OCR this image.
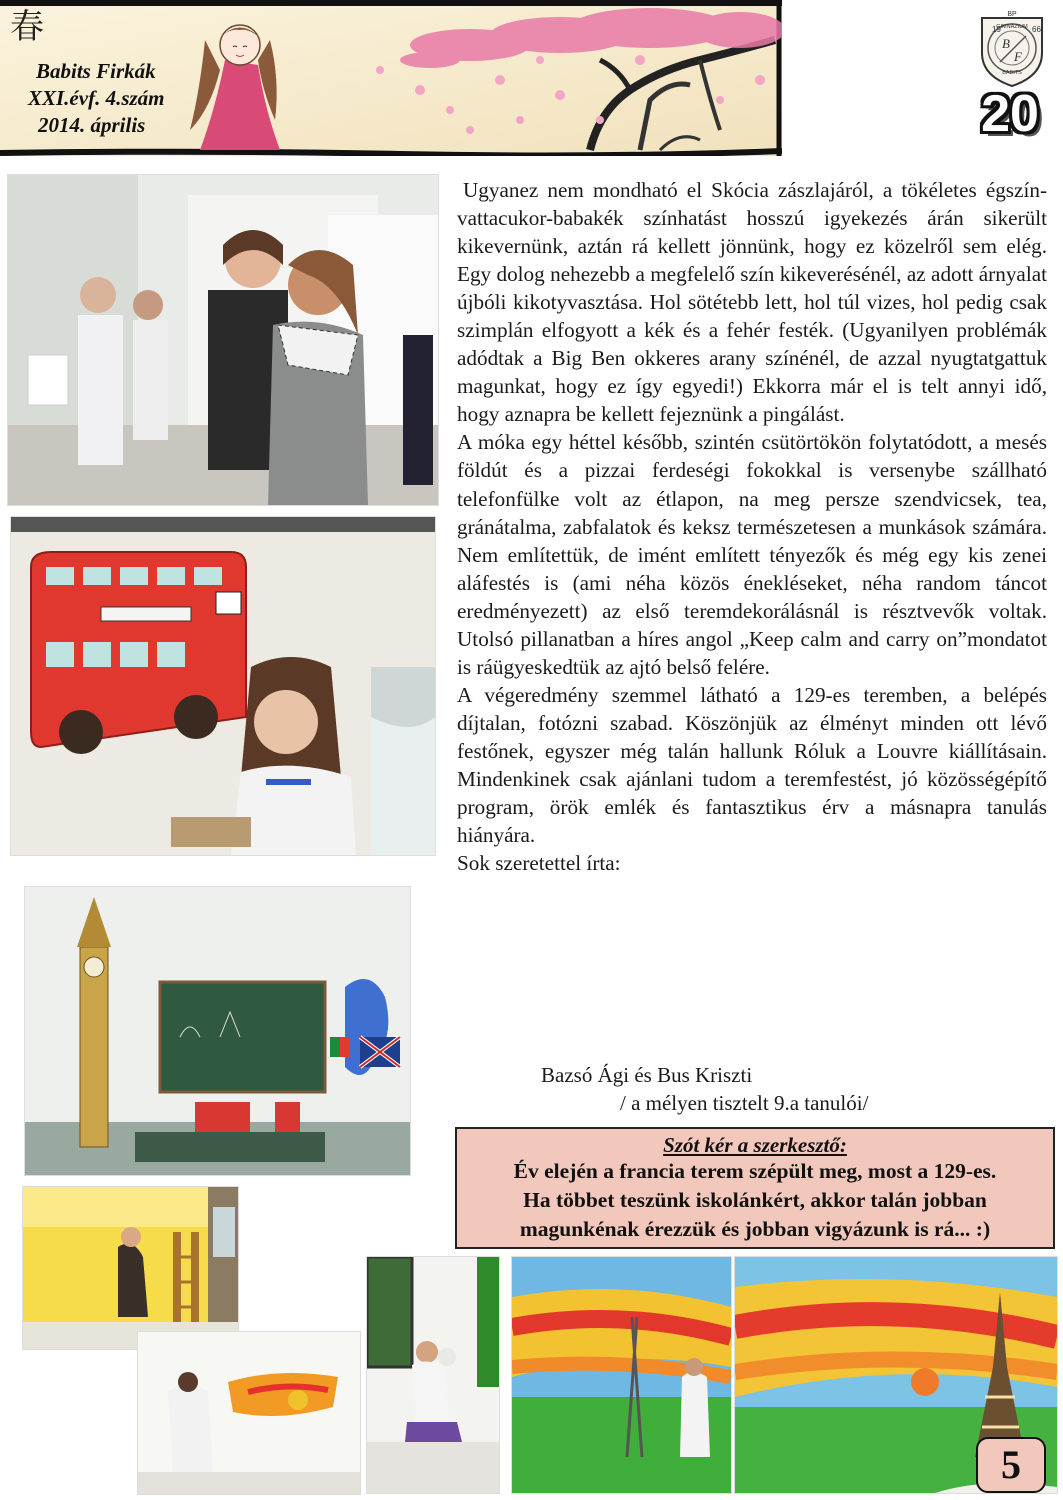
春
Babits Firkák
XXI.évf. 4.szám
2014. április
BP
19	66
GIMNÁZIUM
BABITS
B
F
20

Ugyanez nem mondható el Skócia zászlajáról, a tökéletes égszín-vattacukor-babakék színhatást hosszú igyekezés árán sikerült kikevernünk, aztán rá kellett jönnünk, hogy ez közelről sem elég. Egy dolog nehezebb a megfelelő szín kikeverésénél, az adott árnyalat újbóli kikotyvasztása. Hol sötétebb lett, hol túl vizes, hol pedig csak szimplán elfogyott a kék és a fehér festék. (Ugyanilyen problémák adódtak a Big Ben okkeres arany színénél, de azzal nyugtatgattuk magunkat, hogy ez így egyedi!) Ekkorra már el is telt annyi idő, hogy aznapra be kellett fejeznünk a pingálást.

A móka egy héttel később, szintén csütörtökön folytatódott, a mesés földút és a pizzai ferdeségi fokokkal is versenybe szállható telefonfülke volt az étlapon, na meg persze szendvicsek, tea, gránátalma, zabfalatok és keksz természetesen a munkások számára. Nem említettük, de imént említett tényezők és még egy kis zenei aláfestés is (ami néha közös énekléseket, néha random táncot eredményezett) az első teremdekorálásnál is résztvevők voltak. Utolsó pillanatban a híres angol „Keep calm and carry on”mondatot is ráügyeskedtük az ajtó belső felére.

A végeredmény szemmel látható a 129-es teremben, a belépés díjtalan, fotózni szabad. Köszönjük az élményt minden ott lévő festőnek, egyszer még talán hallunk Róluk a Louvre kiállításain. Mindenkinek csak ajánlani tudom a teremfestést, jó közösségépítő program, örök emlék és fantasztikus érv a másnapra tanulás hiányára.

Sok szeretettel írta:

Bazsó Ági és Bus Kriszti
/ a mélyen tisztelt 9.a tanulói/
Szót kér a szerkesztő:
Év elején a francia terem szépült meg, most a 129-es.
Ha többet teszünk iskolánkért, akkor talán jobban
magunkénak érezzük és jobban vigyázunk is rá... :)
5
